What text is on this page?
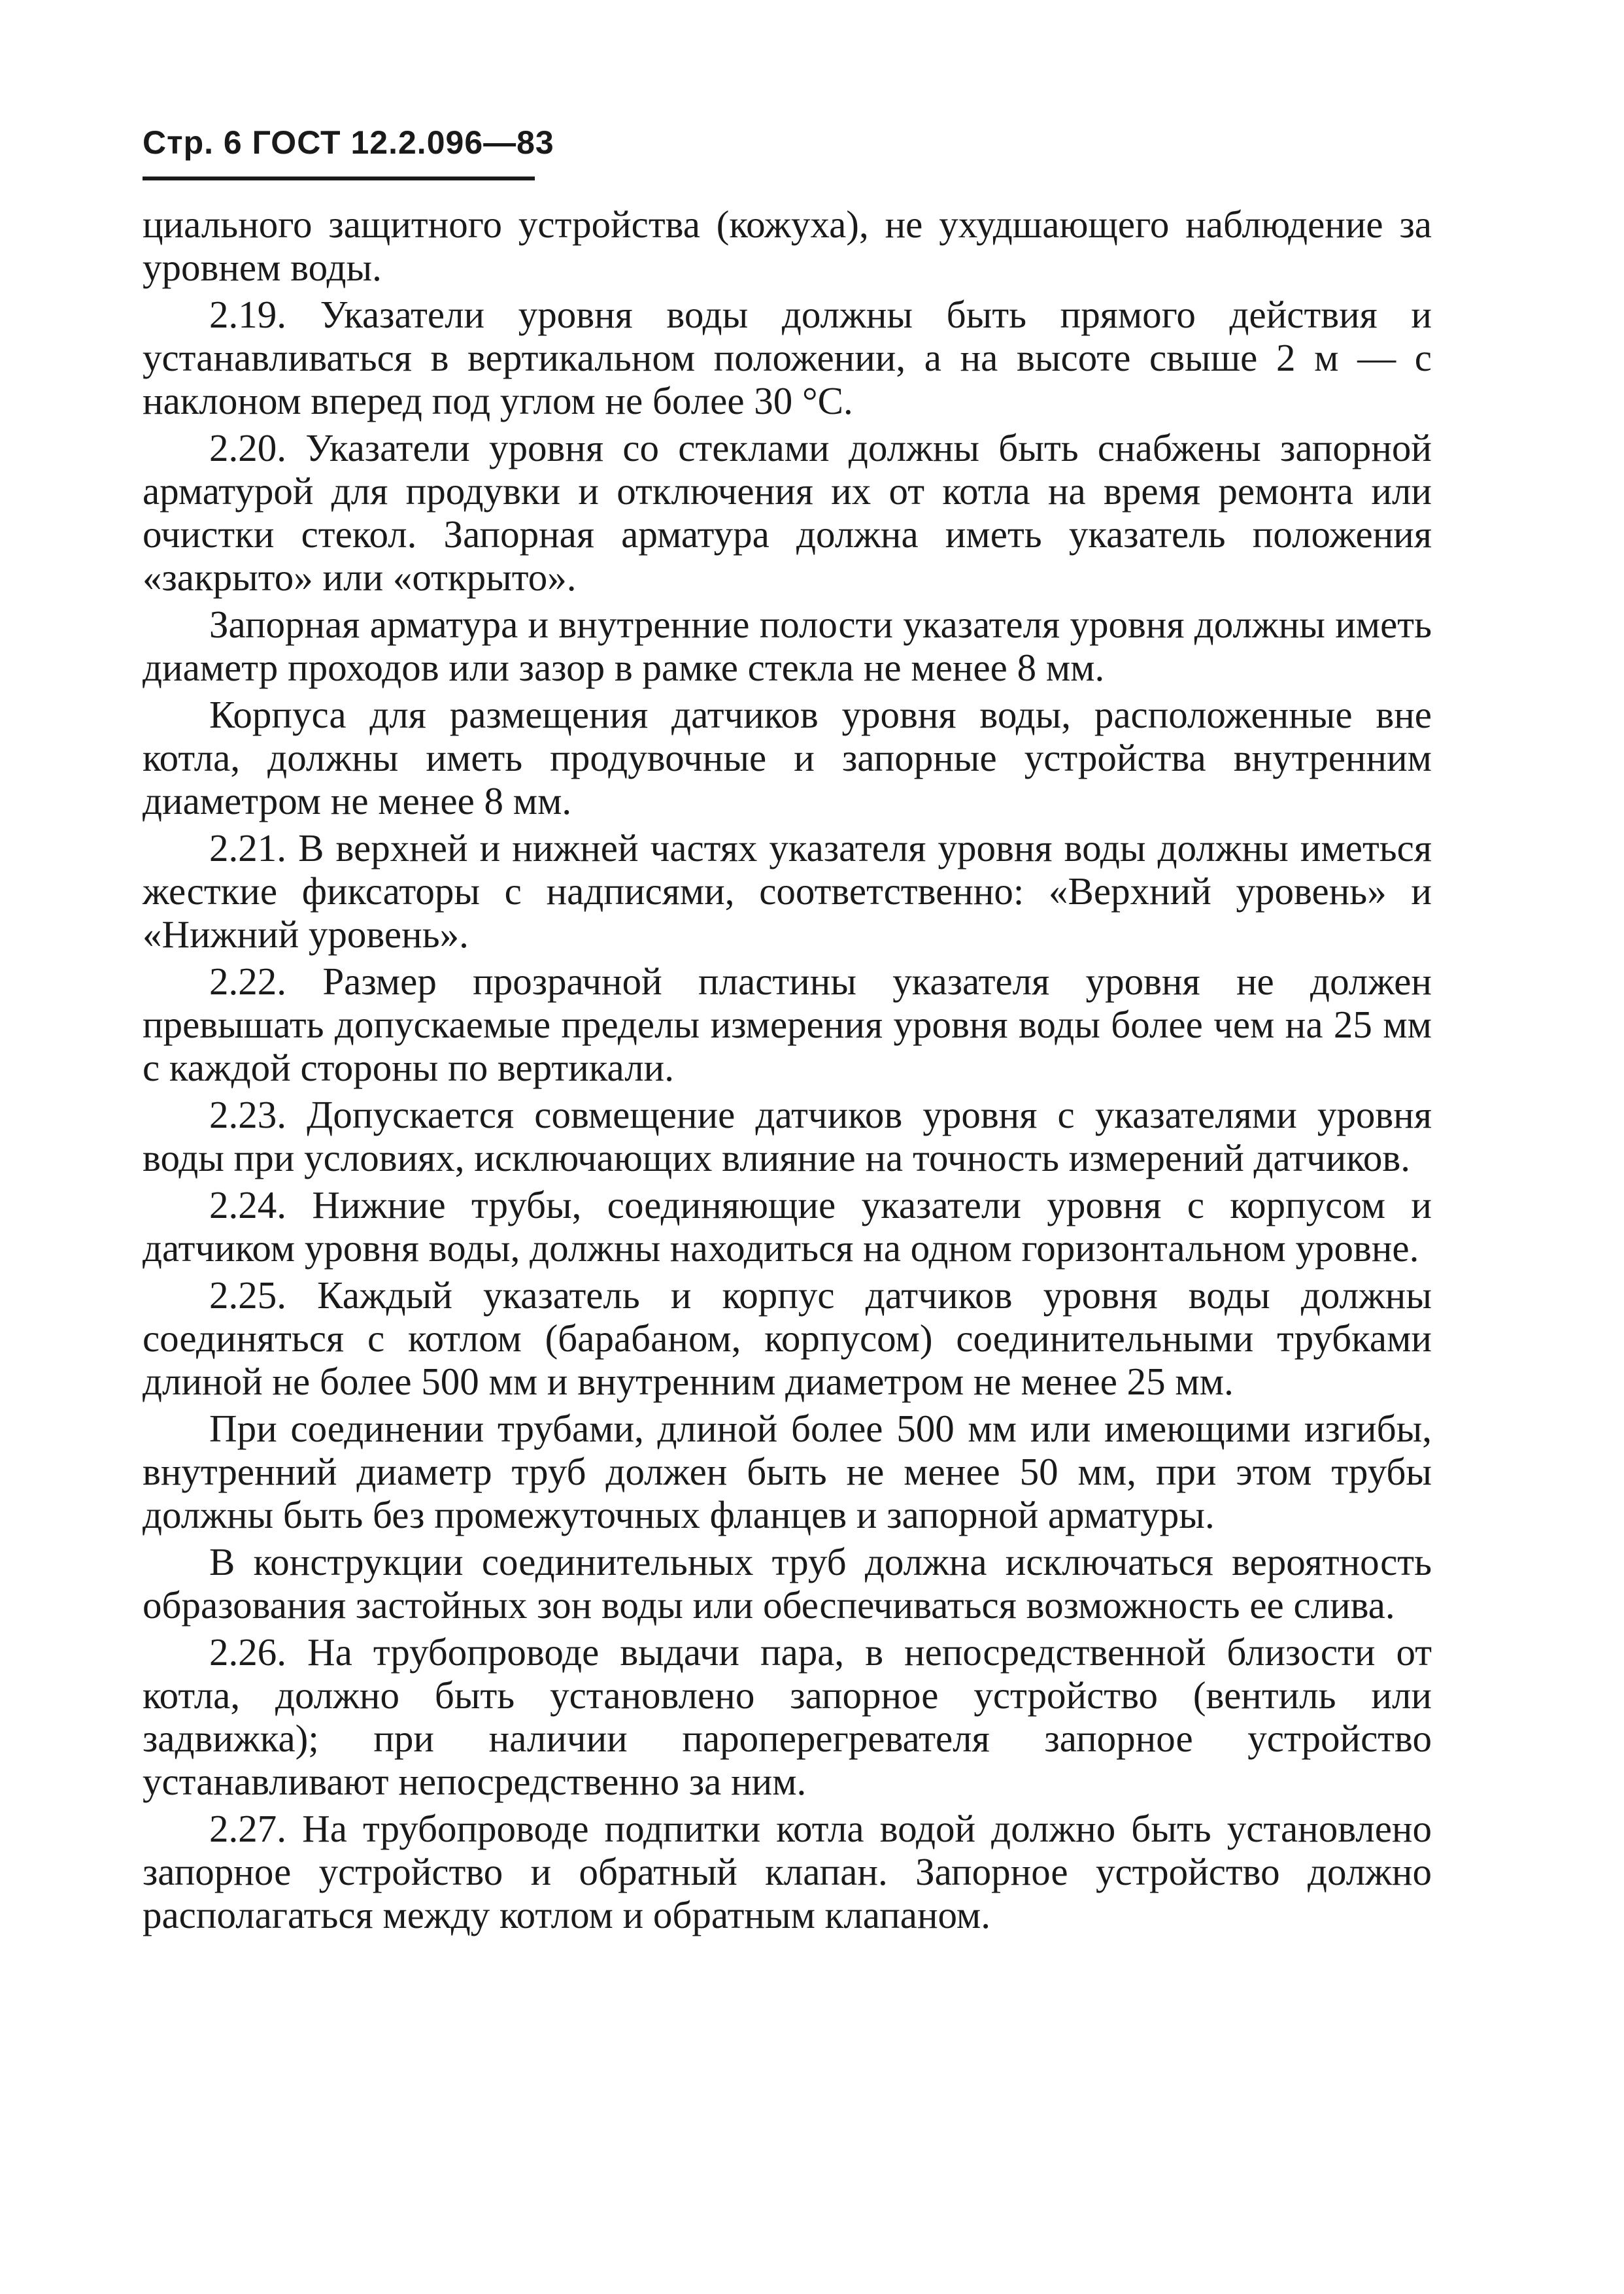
Стр. 6 ГОСТ 12.2.096—83

циального защитного устройства (кожуха), не ухудшающего наблюдение за уровнем воды.

2.19. Указатели уровня воды должны быть прямого действия и устанавливаться в вертикальном положении, а на высоте свыше 2 м — с наклоном вперед под углом не более 30 °С.

2.20. Указатели уровня со стеклами должны быть снабжены запорной арматурой для продувки и отключения их от котла на время ремонта или очистки стекол. Запорная арматура должна иметь указатель положения «закрыто» или «открыто».

Запорная арматура и внутренние полости указателя уровня должны иметь диаметр проходов или зазор в рамке стекла не менее 8 мм.

Корпуса для размещения датчиков уровня воды, расположенные вне котла, должны иметь продувочные и запорные устройства внутренним диаметром не менее 8 мм.

2.21. В верхней и нижней частях указателя уровня воды должны иметься жесткие фиксаторы с надписями, соответственно: «Верхний уровень» и «Нижний уровень».

2.22. Размер прозрачной пластины указателя уровня не должен превышать допускаемые пределы измерения уровня воды более чем на 25 мм с каждой стороны по вертикали.

2.23. Допускается совмещение датчиков уровня с указателями уровня воды при условиях, исключающих влияние на точность измерений датчиков.

2.24. Нижние трубы, соединяющие указатели уровня с корпусом и датчиком уровня воды, должны находиться на одном горизонтальном уровне.

2.25. Каждый указатель и корпус датчиков уровня воды должны соединяться с котлом (барабаном, корпусом) соединительными трубками длиной не более 500 мм и внутренним диаметром не менее 25 мм.

При соединении трубами, длиной более 500 мм или имеющими изгибы, внутренний диаметр труб должен быть не менее 50 мм, при этом трубы должны быть без промежуточных фланцев и запорной арматуры.

В конструкции соединительных труб должна исключаться вероятность образования застойных зон воды или обеспечиваться возможность ее слива.

2.26. На трубопроводе выдачи пара, в непосредственной близости от котла, должно быть установлено запорное устройство (вентиль или задвижка); при наличии пароперегревателя запорное устройство устанавливают непосредственно за ним.

2.27. На трубопроводе подпитки котла водой должно быть установлено запорное устройство и обратный клапан. Запорное устройство должно располагаться между котлом и обратным клапаном.
